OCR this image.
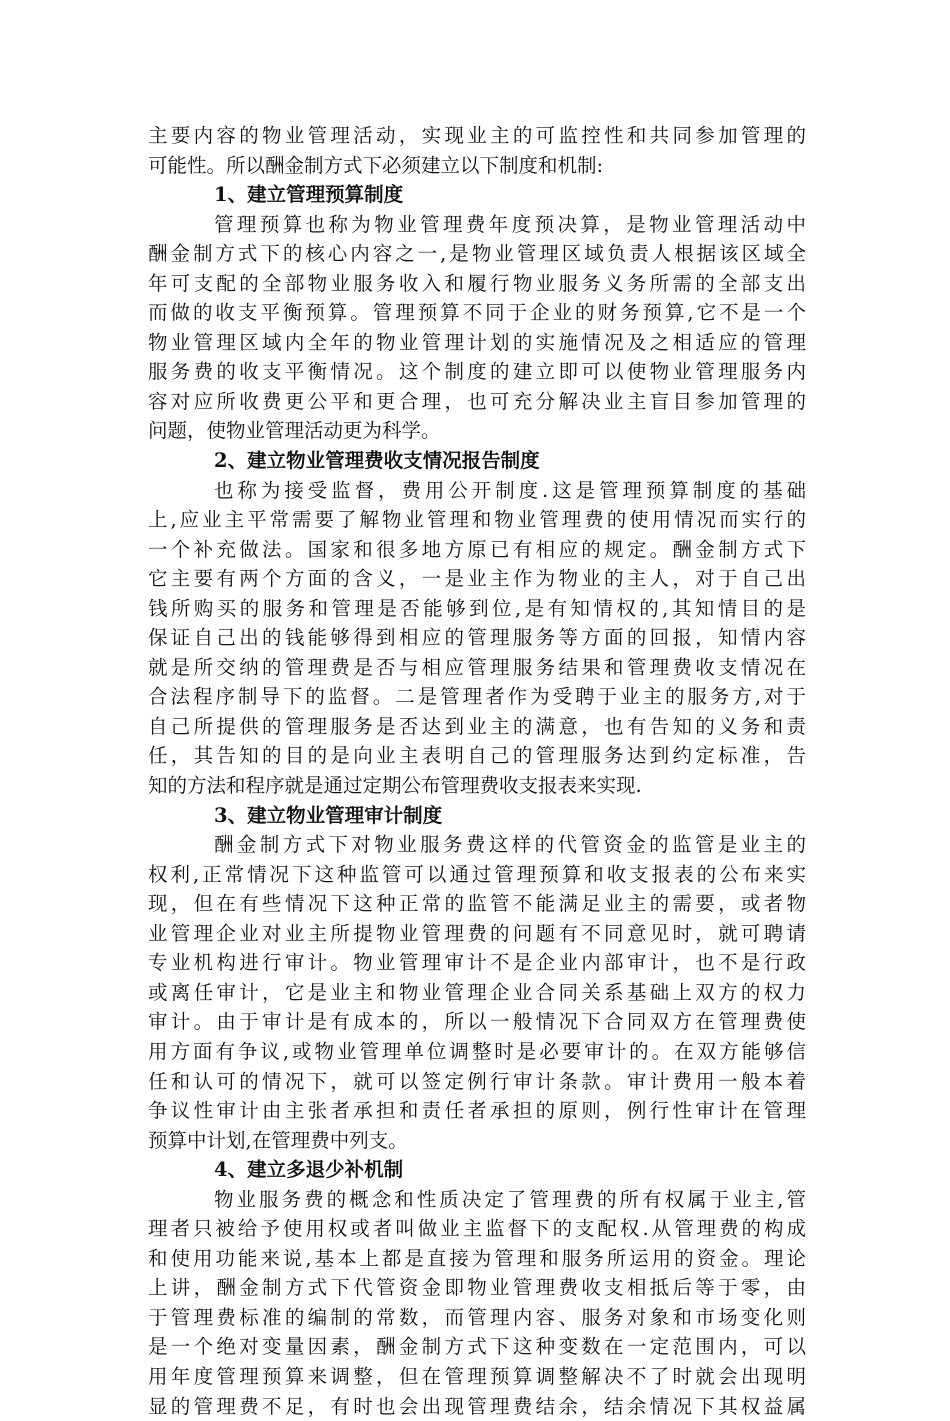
主要内容的物业管理活动，实现业主的可监控性和共同参加管理的
可能性。所以酬金制方式下必须建立以下制度和机制:
1、建立管理预算制度
管理预算也称为物业管理费年度预决算，是物业管理活动中
酬金制方式下的核心内容之一,是物业管理区域负责人根据该区域全
年可支配的全部物业服务收入和履行物业服务义务所需的全部支出
而做的收支平衡预算。管理预算不同于企业的财务预算,它不是一个
物业管理区域内全年的物业管理计划的实施情况及之相适应的管理
服务费的收支平衡情况。这个制度的建立即可以使物业管理服务内
容对应所收费更公平和更合理，也可充分解决业主盲目参加管理的
问题，使物业管理活动更为科学。
2、建立物业管理费收支情况报告制度
也称为接受监督，费用公开制度.这是管理预算制度的基础
上,应业主平常需要了解物业管理和物业管理费的使用情况而实行的
一个补充做法。国家和很多地方原已有相应的规定。酬金制方式下
它主要有两个方面的含义，一是业主作为物业的主人，对于自己出
钱所购买的服务和管理是否能够到位,是有知情权的,其知情目的是
保证自己出的钱能够得到相应的管理服务等方面的回报，知情内容
就是所交纳的管理费是否与相应管理服务结果和管理费收支情况在
合法程序制导下的监督。二是管理者作为受聘于业主的服务方,对于
自己所提供的管理服务是否达到业主的满意，也有告知的义务和责
任，其告知的目的是向业主表明自己的管理服务达到约定标准，告
知的方法和程序就是通过定期公布管理费收支报表来实现.
3、建立物业管理审计制度
酬金制方式下对物业服务费这样的代管资金的监管是业主的
权利,正常情况下这种监管可以通过管理预算和收支报表的公布来实
现，但在有些情况下这种正常的监管不能满足业主的需要，或者物
业管理企业对业主所提物业管理费的问题有不同意见时，就可聘请
专业机构进行审计。物业管理审计不是企业内部审计，也不是行政
或离任审计，它是业主和物业管理企业合同关系基础上双方的权力
审计。由于审计是有成本的，所以一般情况下合同双方在管理费使
用方面有争议,或物业管理单位调整时是必要审计的。在双方能够信
任和认可的情况下，就可以签定例行审计条款。审计费用一般本着
争议性审计由主张者承担和责任者承担的原则，例行性审计在管理
预算中计划,在管理费中列支。
4、建立多退少补机制
物业服务费的概念和性质决定了管理费的所有权属于业主,管
理者只被给予使用权或者叫做业主监督下的支配权.从管理费的构成
和使用功能来说,基本上都是直接为管理和服务所运用的资金。理论
上讲，酬金制方式下代管资金即物业管理费收支相抵后等于零，由
于管理费标准的编制的常数，而管理内容、服务对象和市场变化则
是一个绝对变量因素，酬金制方式下这种变数在一定范围内，可以
用年度管理预算来调整，但在管理预算调整解决不了时就会出现明
显的管理费不足，有时也会出现管理费结余，结余情况下其权益属
